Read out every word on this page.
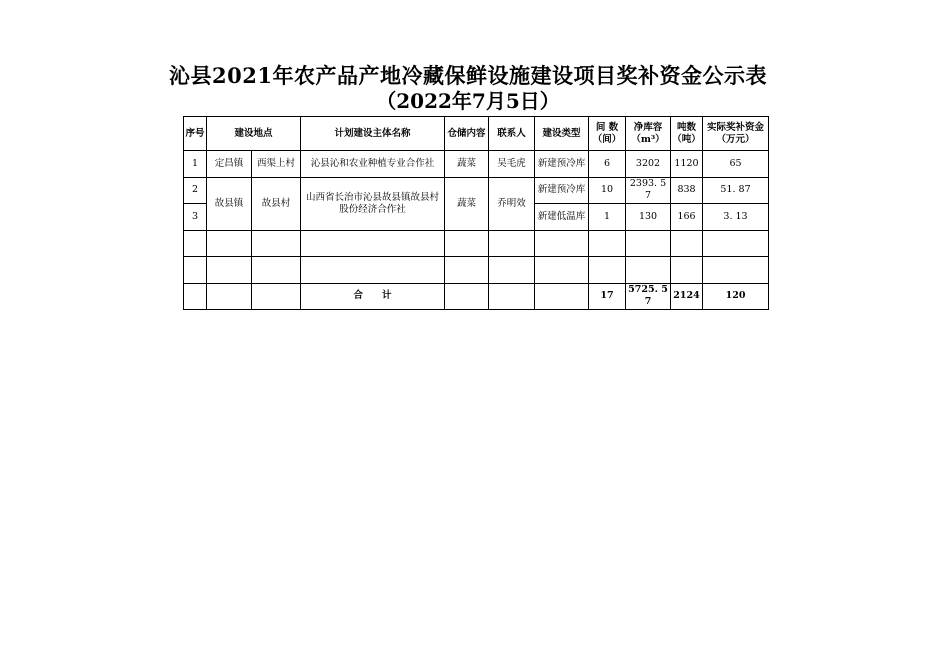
沁县2021年农产品产地冷藏保鲜设施建设项目奖补资金公示表
（2022年7月5日）
序号	建设地点		计划建设主体名称	仓储内容	联系人	建设类型	间 数（间）	净库容（m³）	吨数（吨）	实际奖补资金（万元）
1	定昌镇	西渠上村	沁县沁和农业种植专业合作社	蔬菜	吴毛虎	新建预冷库	6	3202	1120	65
2	故县镇	故县村	山西省长治市沁县故县镇故县村股份经济合作社	蔬菜	乔明效	新建预冷库	10	2393. 57	838	51. 87
3						新建低温库	1	130	166	3. 13

			合　　计				17	5725. 57	2124	120
